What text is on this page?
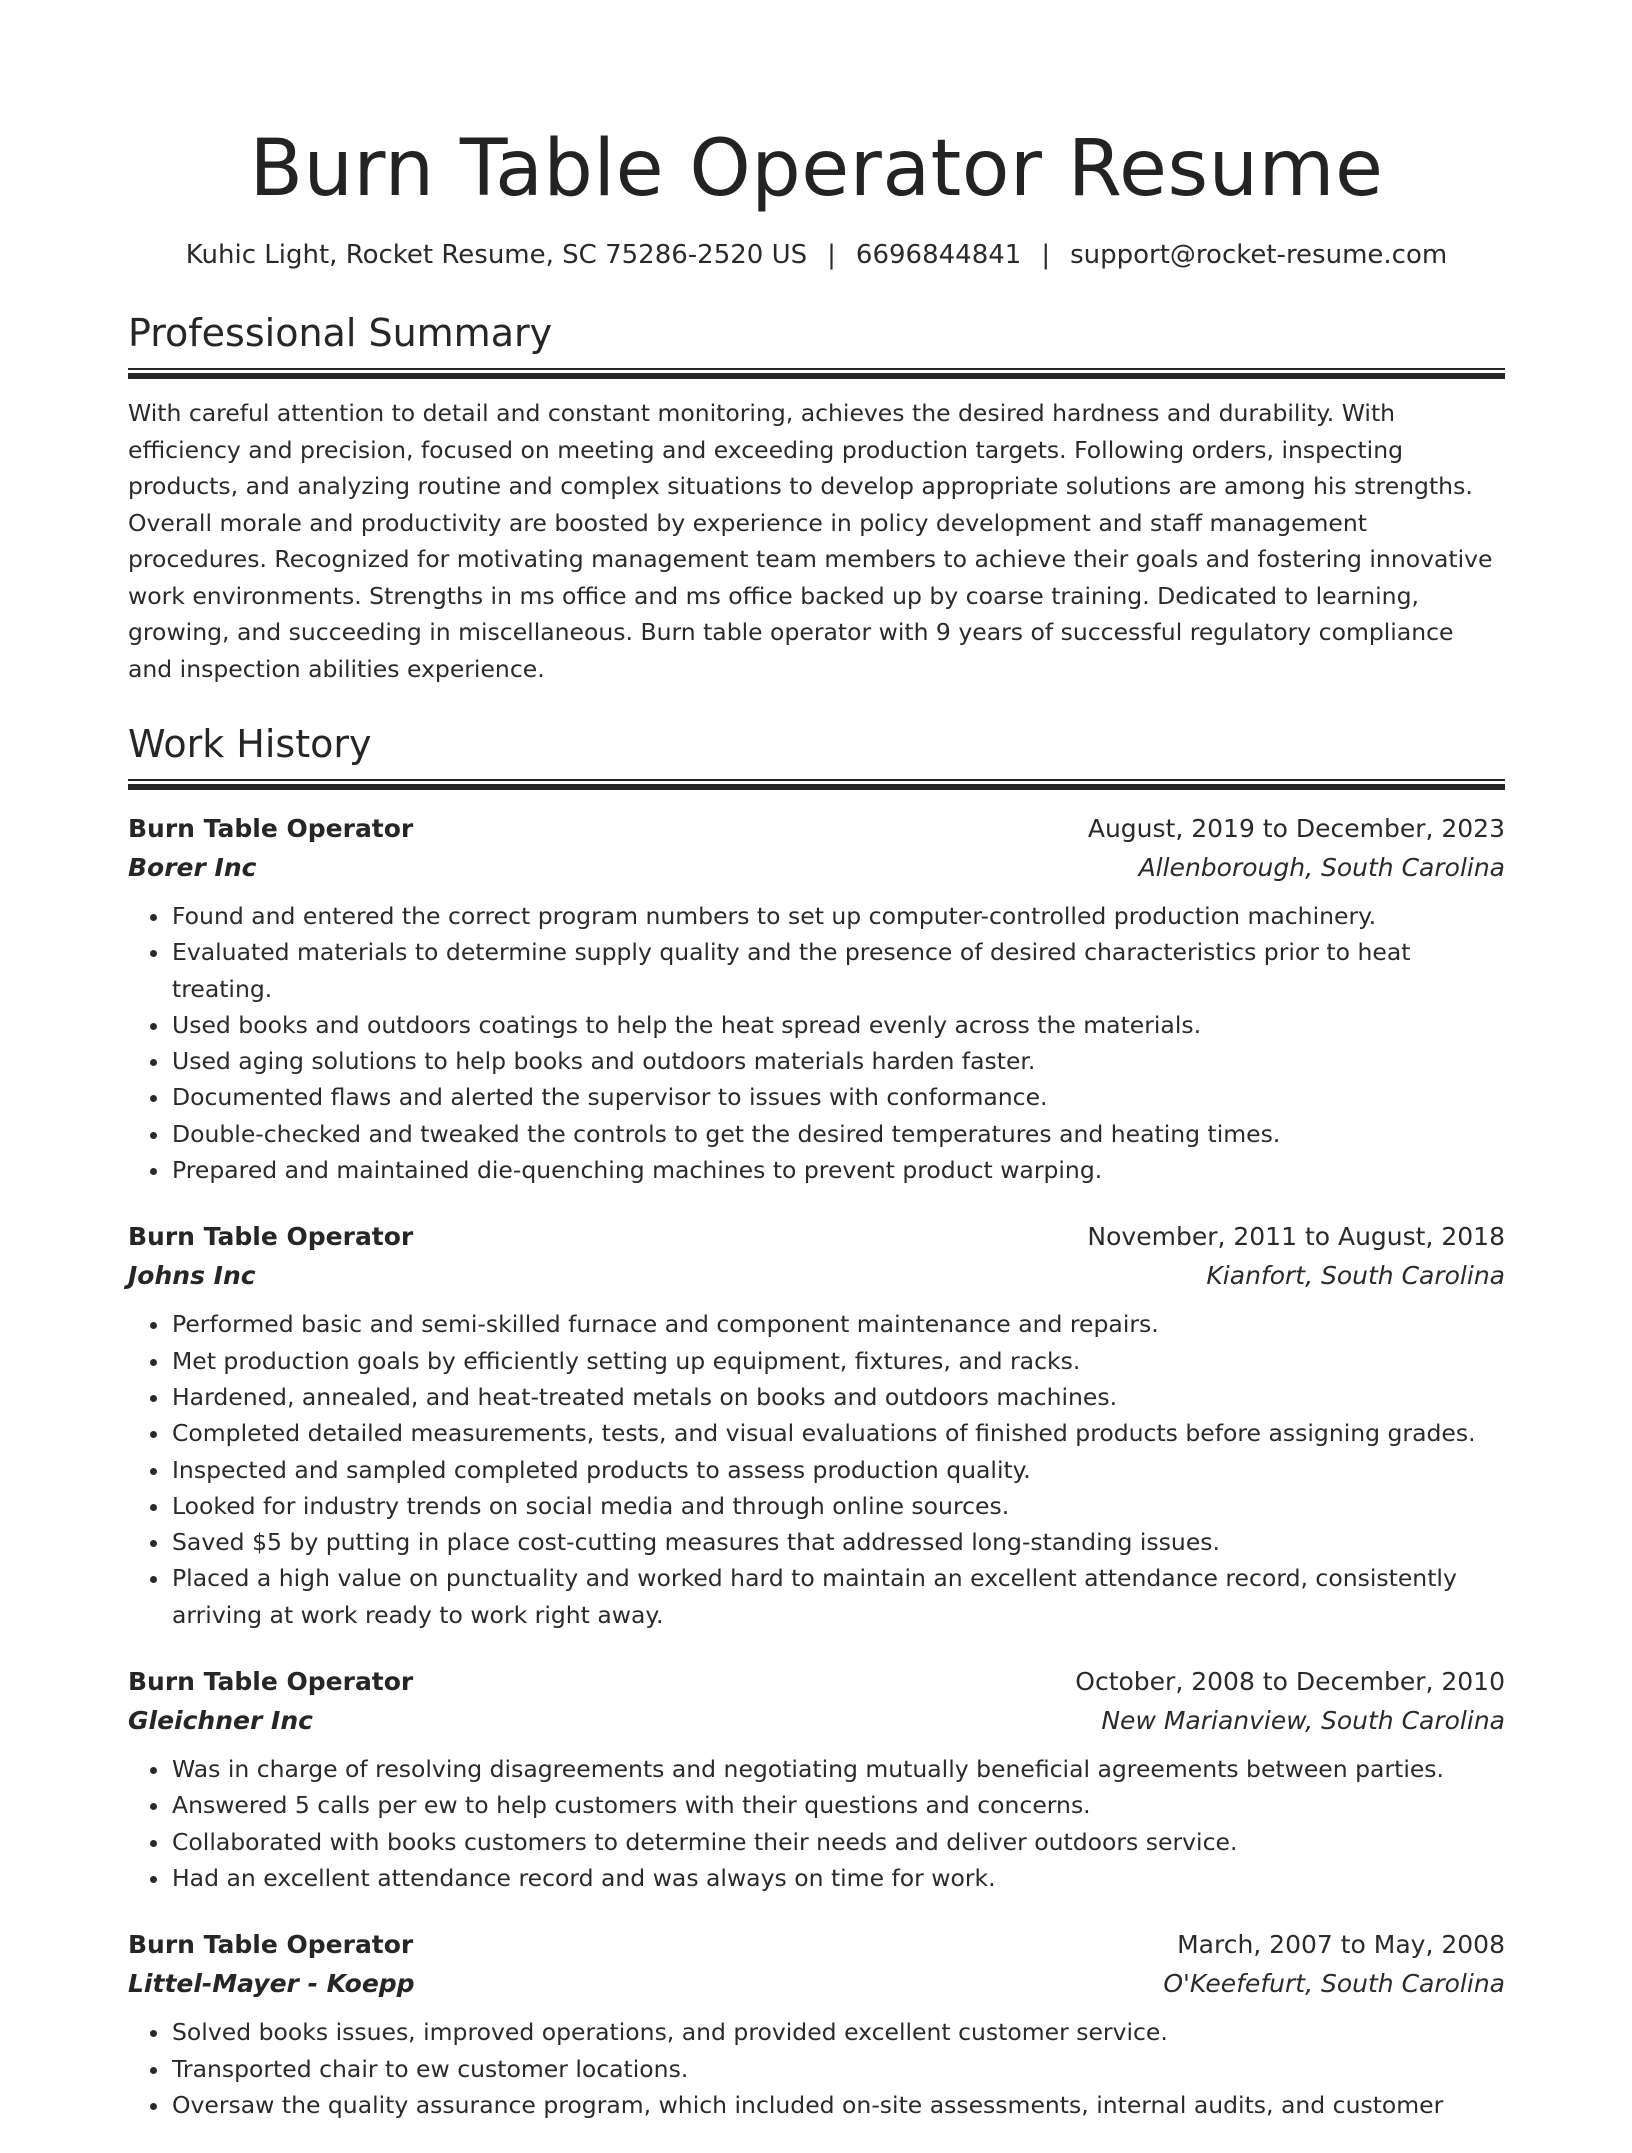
Burn Table Operator Resume
Kuhic Light, Rocket Resume, SC 75286-2520 US | 6696844841 | support@rocket-resume.com
Professional Summary

With careful attention to detail and constant monitoring, achieves the desired hardness and durability. With efficiency and precision, focused on meeting and exceeding production targets. Following orders, inspecting products, and analyzing routine and complex situations to develop appropriate solutions are among his strengths. Overall morale and productivity are boosted by experience in policy development and staff management procedures. Recognized for motivating management team members to achieve their goals and fostering innovative work environments. Strengths in ms office and ms office backed up by coarse training. Dedicated to learning, growing, and succeeding in miscellaneous. Burn table operator with 9 years of successful regulatory compliance and inspection abilities experience.

Work History
Burn Table Operator	August, 2019 to December, 2023
Borer Inc	Allenborough, South Carolina
• Found and entered the correct program numbers to set up computer-controlled production machinery.
• Evaluated materials to determine supply quality and the presence of desired characteristics prior to heat treating.
• Used books and outdoors coatings to help the heat spread evenly across the materials.
• Used aging solutions to help books and outdoors materials harden faster.
• Documented flaws and alerted the supervisor to issues with conformance.
• Double-checked and tweaked the controls to get the desired temperatures and heating times.
• Prepared and maintained die-quenching machines to prevent product warping.
Burn Table Operator	November, 2011 to August, 2018
Johns Inc	Kianfort, South Carolina
• Performed basic and semi-skilled furnace and component maintenance and repairs.
• Met production goals by efficiently setting up equipment, fixtures, and racks.
• Hardened, annealed, and heat-treated metals on books and outdoors machines.
• Completed detailed measurements, tests, and visual evaluations of finished products before assigning grades.
• Inspected and sampled completed products to assess production quality.
• Looked for industry trends on social media and through online sources.
• Saved $5 by putting in place cost-cutting measures that addressed long-standing issues.
• Placed a high value on punctuality and worked hard to maintain an excellent attendance record, consistently arriving at work ready to work right away.
Burn Table Operator	October, 2008 to December, 2010
Gleichner Inc	New Marianview, South Carolina
• Was in charge of resolving disagreements and negotiating mutually beneficial agreements between parties.
• Answered 5 calls per ew to help customers with their questions and concerns.
• Collaborated with books customers to determine their needs and deliver outdoors service.
• Had an excellent attendance record and was always on time for work.
Burn Table Operator	March, 2007 to May, 2008
Littel-Mayer - Koepp	O'Keefefurt, South Carolina
• Solved books issues, improved operations, and provided excellent customer service.
• Transported chair to ew customer locations.
• Oversaw the quality assurance program, which included on-site assessments, internal audits, and customer
